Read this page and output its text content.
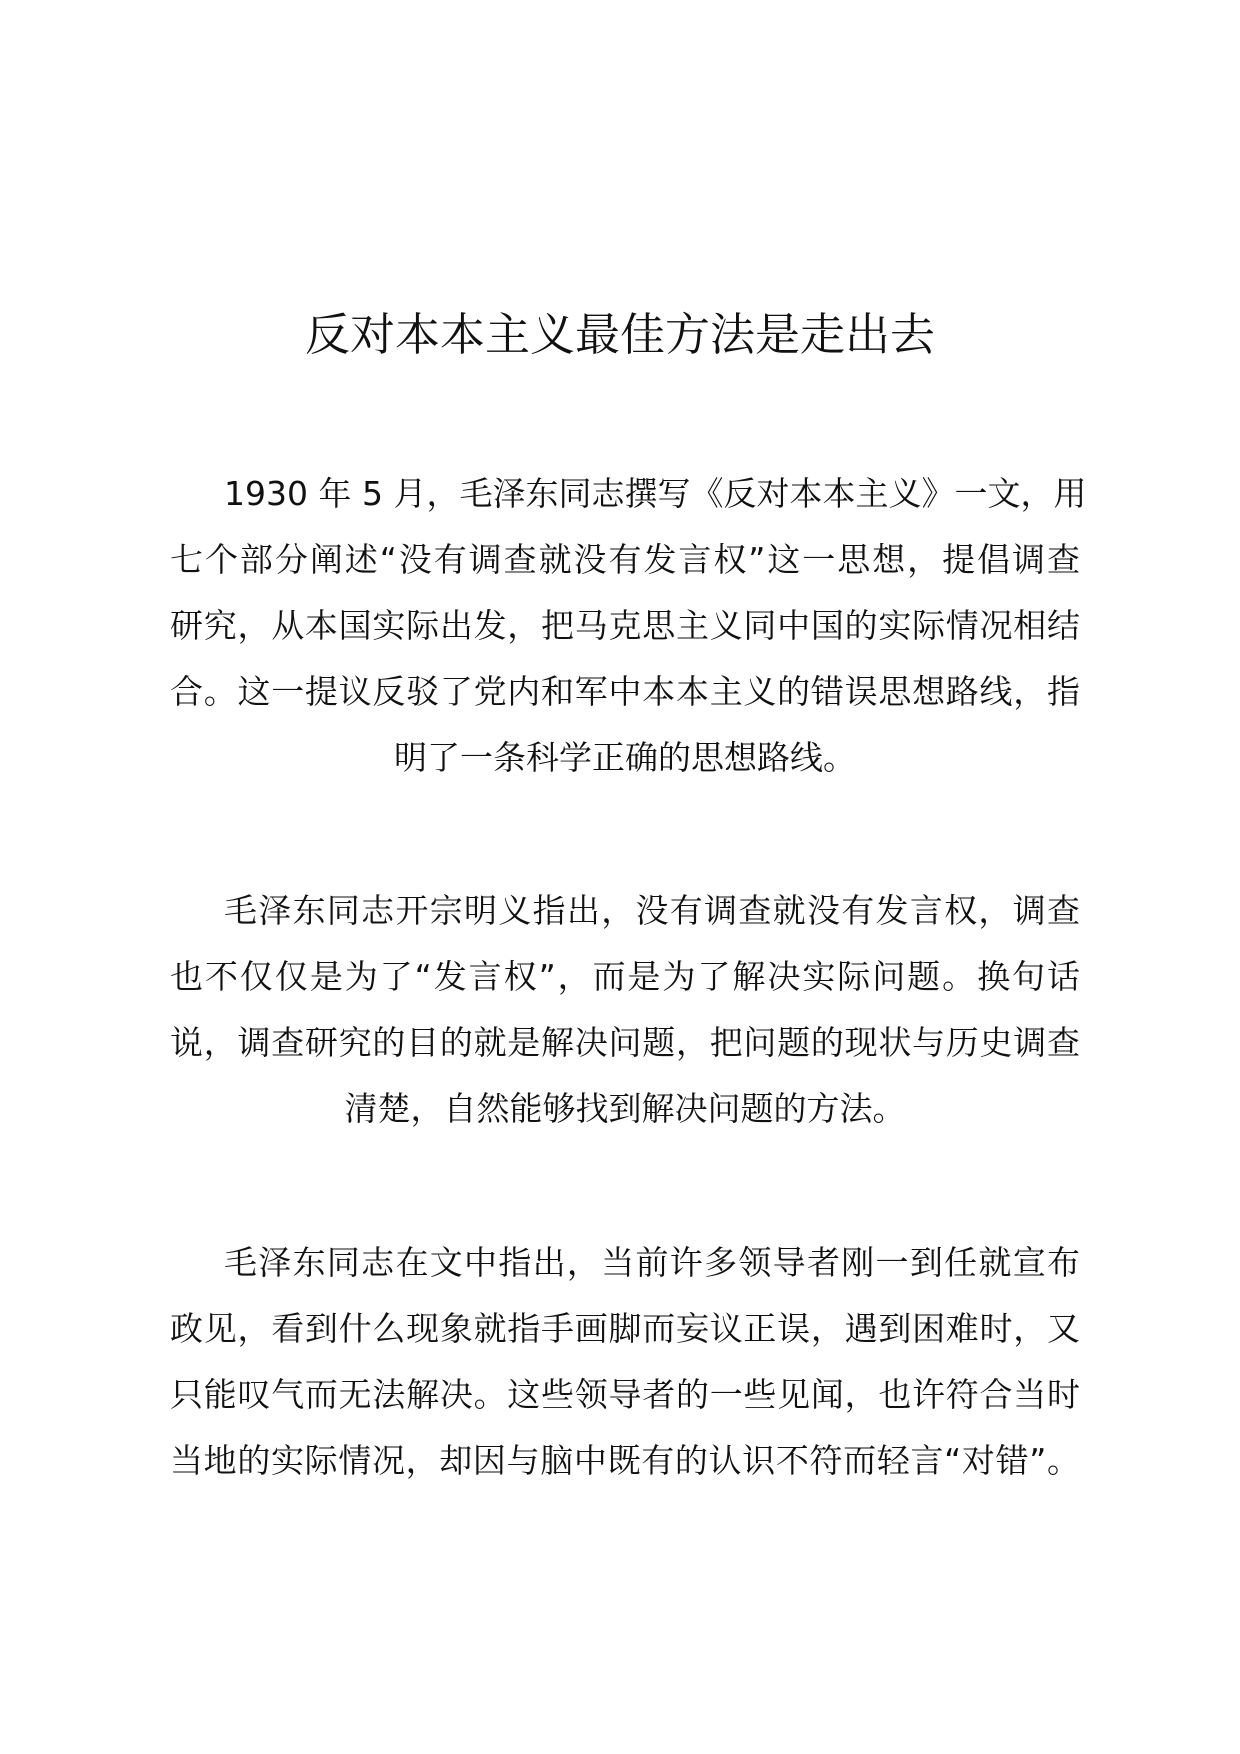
反对本本主义最佳方法是走出去
1930 年 5 月，毛泽东同志撰写《反对本本主义》一文，用
七个部分阐述“没有调查就没有发言权”这一思想，提倡调查
研究，从本国实际出发，把马克思主义同中国的实际情况相结
合。这一提议反驳了党内和军中本本主义的错误思想路线，指
明了一条科学正确的思想路线。
毛泽东同志开宗明义指出，没有调查就没有发言权，调查
也不仅仅是为了“发言权”，而是为了解决实际问题。换句话
说，调查研究的目的就是解决问题，把问题的现状与历史调查
清楚，自然能够找到解决问题的方法。
毛泽东同志在文中指出，当前许多领导者刚一到任就宣布
政见，看到什么现象就指手画脚而妄议正误，遇到困难时，又
只能叹气而无法解决。这些领导者的一些见闻，也许符合当时
当地的实际情况，却因与脑中既有的认识不符而轻言“对错”。
